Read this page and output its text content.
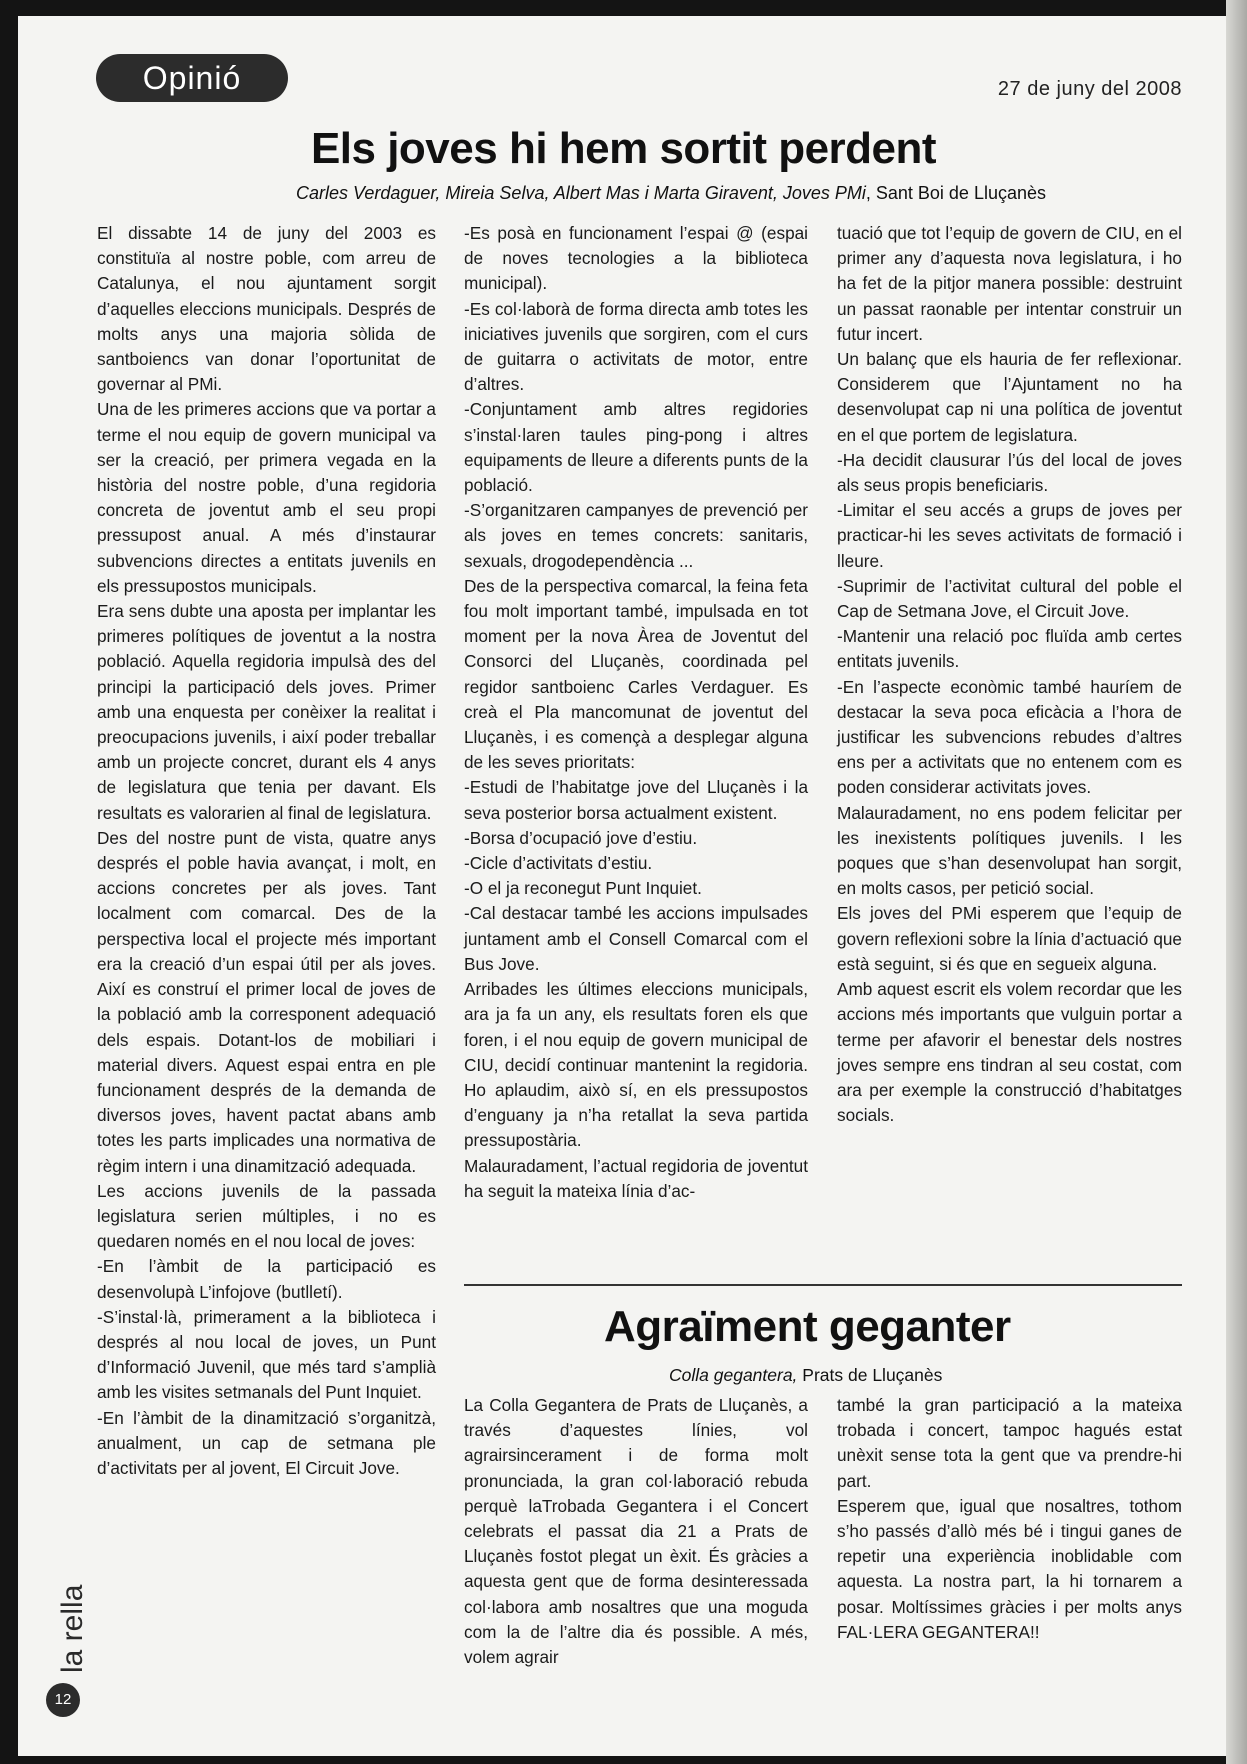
Opinió	27 de juny del 2008
Els joves hi hem sortit perdent
Carles Verdaguer, Mireia Selva, Albert Mas i Marta Giravent, Joves PMi, Sant Boi de Lluçanès

El dissabte 14 de juny del 2003 es constituïa al nostre poble, com arreu de Catalunya, el nou ajuntament sorgit d’aquelles eleccions municipals. Després de molts anys una majoria sòlida de santboiencs van donar l’oportunitat de governar al PMi.

Una de les primeres accions que va portar a terme el nou equip de govern municipal va ser la creació, per primera vegada en la història del nostre poble, d’una regidoria concreta de joventut amb el seu propi pressupost anual. A més d’instaurar subvencions directes a entitats juvenils en els pressupostos municipals.

Era sens dubte una aposta per implantar les primeres polítiques de joventut a la nostra població. Aquella regidoria impulsà des del principi la participació dels joves. Primer amb una enquesta per conèixer la realitat i preocupacions juvenils, i així poder treballar amb un projecte concret, durant els 4 anys de legislatura que tenia per davant. Els resultats es valorarien al final de legislatura.

Des del nostre punt de vista, quatre anys després el poble havia avançat, i molt, en accions concretes per als joves. Tant localment com comarcal. Des de la perspectiva local el projecte més important era la creació d’un espai útil per als joves. Així es construí el primer local de joves de la població amb la corresponent adequació dels espais. Dotant-los de mobiliari i material divers. Aquest espai entra en ple funcionament després de la demanda de diversos joves, havent pactat abans amb totes les parts implicades una normativa de règim intern i una dinamització adequada.

Les accions juvenils de la passada legislatura serien múltiples, i no es quedaren només en el nou local de joves:

-En l’àmbit de la participació es desenvolupà L’infojove (butlletí).

-S’instal·là, primerament a la biblioteca i després al nou local de joves, un Punt d’Informació Juvenil, que més tard s’amplià amb les visites setmanals del Punt Inquiet.

-En l’àmbit de la dinamització s’organitzà, anualment, un cap de setmana ple d’activitats per al jovent, El Circuit Jove.

-Es posà en funcionament l’espai @ (espai de noves tecnologies a la biblioteca municipal).

-Es col·laborà de forma directa amb totes les iniciatives juvenils que sorgiren, com el curs de guitarra o activitats de motor, entre d’altres.

-Conjuntament amb altres regidories s’instal·laren taules ping-pong i altres equipaments de lleure a diferents punts de la població.

-S’organitzaren campanyes de prevenció per als joves en temes concrets: sanitaris, sexuals, drogodependència ...

Des de la perspectiva comarcal, la feina feta fou molt important també, impulsada en tot moment per la nova Àrea de Joventut del Consorci del Lluçanès, coordinada pel regidor santboienc Carles Verdaguer. Es creà el Pla mancomunat de joventut del Lluçanès, i es començà a desplegar alguna de les seves prioritats:

-Estudi de l’habitatge jove del Lluçanès i la seva posterior borsa actualment existent.

-Borsa d’ocupació jove d’estiu.

-Cicle d’activitats d’estiu.

-O el ja reconegut Punt Inquiet.

-Cal destacar també les accions impulsades juntament amb el Consell Comarcal com el Bus Jove.

Arribades les últimes eleccions municipals, ara ja fa un any, els resultats foren els que foren, i el nou equip de govern municipal de CIU, decidí continuar mantenint la regidoria. Ho aplaudim, això sí, en els pressupostos d’enguany ja n’ha retallat la seva partida pressupostària.

Malauradament, l’actual regidoria de joventut ha seguit la mateixa línia d’ac-

tuació que tot l’equip de govern de CIU, en el primer any d’aquesta nova legislatura, i ho ha fet de la pitjor manera possible: destruint un passat raonable per intentar construir un futur incert.

Un balanç que els hauria de fer reflexionar. Considerem que l’Ajuntament no ha desenvolupat cap ni una política de joventut en el que portem de legislatura.

-Ha decidit clausurar l’ús del local de joves als seus propis beneficiaris.

-Limitar el seu accés a grups de joves per practicar-hi les seves activitats de formació i lleure.

-Suprimir de l’activitat cultural del poble el Cap de Setmana Jove, el Circuit Jove.

-Mantenir una relació poc fluïda amb certes entitats juvenils.

-En l’aspecte econòmic també hauríem de destacar la seva poca eficàcia a l’hora de justificar les subvencions rebudes d’altres ens per a activitats que no entenem com es poden considerar activitats joves.

Malauradament, no ens podem felicitar per les inexistents polítiques juvenils. I les poques que s’han desenvolupat han sorgit, en molts casos, per petició social.

Els joves del PMi esperem que l’equip de govern reflexioni sobre la línia d’actuació que està seguint, si és que en segueix alguna.

Amb aquest escrit els volem recordar que les accions més importants que vulguin portar a terme per afavorir el benestar dels nostres joves sempre ens tindran al seu costat, com ara per exemple la construcció d’habitatges socials.

Agraïment geganter
Colla gegantera, Prats de Lluçanès

La Colla Gegantera de Prats de Lluçanès, a través d’aquestes línies, vol agrairsincerament i de forma molt pronunciada, la gran col·laboració rebuda perquè laTrobada Gegantera i el Concert celebrats el passat dia 21 a Prats de Lluçanès fostot plegat un èxit. És gràcies a aquesta gent que de forma desinteressada col·labora amb nosaltres que una moguda com la de l’altre dia és possible. A més, volem agrair

també la gran participació a la mateixa trobada i concert, tampoc hagués estat unèxit sense tota la gent que va prendre-hi part.

Esperem que, igual que nosaltres, tothom s’ho passés d’allò més bé i tingui ganes de repetir una experiència inoblidable com aquesta. La nostra part, la hi tornarem a posar. Moltíssimes gràcies i per molts anys FAL·LERA GEGANTERA!!

la rella
12
